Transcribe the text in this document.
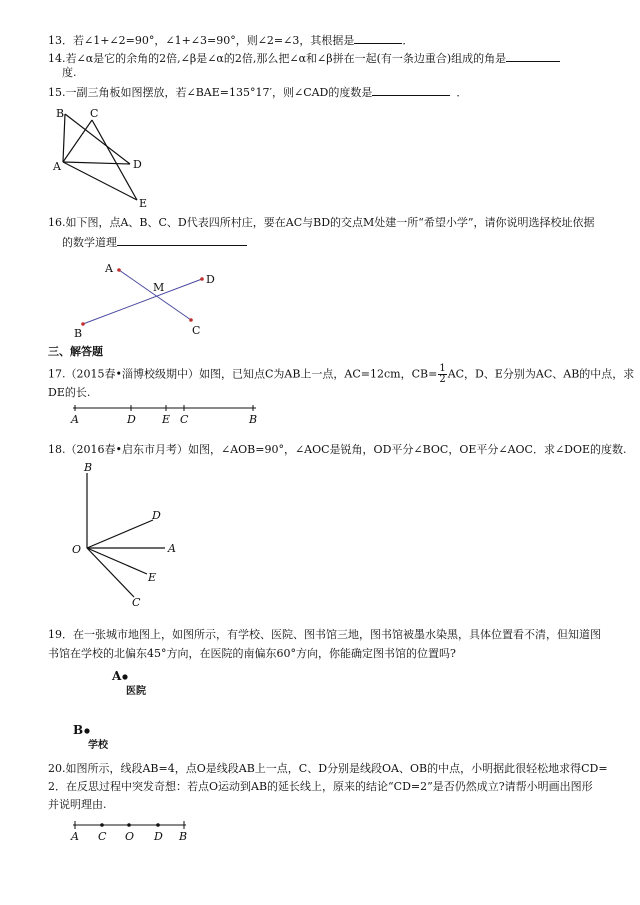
13．若∠1+∠2=90°，∠1+∠3=90°，则∠2=∠3，其根据是	．
14.若∠α是它的余角的2倍,∠β是∠α的2倍,那么把∠α和∠β拼在一起(有一条边重合)组成的角是
度.
15.一副三角板如图摆放，若∠BAE=135°17′，则∠CAD的度数是	．
B C
A	D
E
16.如下图，点A、B、C、D代表四所村庄，要在AC与BD的交点M处建一所“希望小学”，请你说明选择校址依据
的数学道理
A
D
M
B	C
三、解答题
17.（2015春•淄博校级期中）如图，已知点C为AB上一点，AC=12cm，$CB= \frac{1}{2}$ AC，D、E分别为AC、AB的中点，求
DE的长.
A	D E C	B
18.（2016春•启东市月考）如图，∠AOB=90°，∠AOC是锐角，OD平分∠BOC，OE平分∠AOC．求∠DOE的度数.
B
D
O	A
E
C
19．在一张城市地图上，如图所示，有学校、医院、图书馆三地，图书馆被墨水染黑，具体位置看不清，但知道图
书馆在学校的北偏东45°方向，在医院的南偏东60°方向，你能确定图书馆的位置吗?
A
医院
B
学校
20.如图所示，线段AB=4，点O是线段AB上一点，C、D分别是线段OA、OB的中点，小明据此很轻松地求得CD=
2．在反思过程中突发奇想：若点O运动到AB的延长线上，原来的结论“CD=2”是否仍然成立?请帮小明画出图形
并说明理由.
A C O D B
